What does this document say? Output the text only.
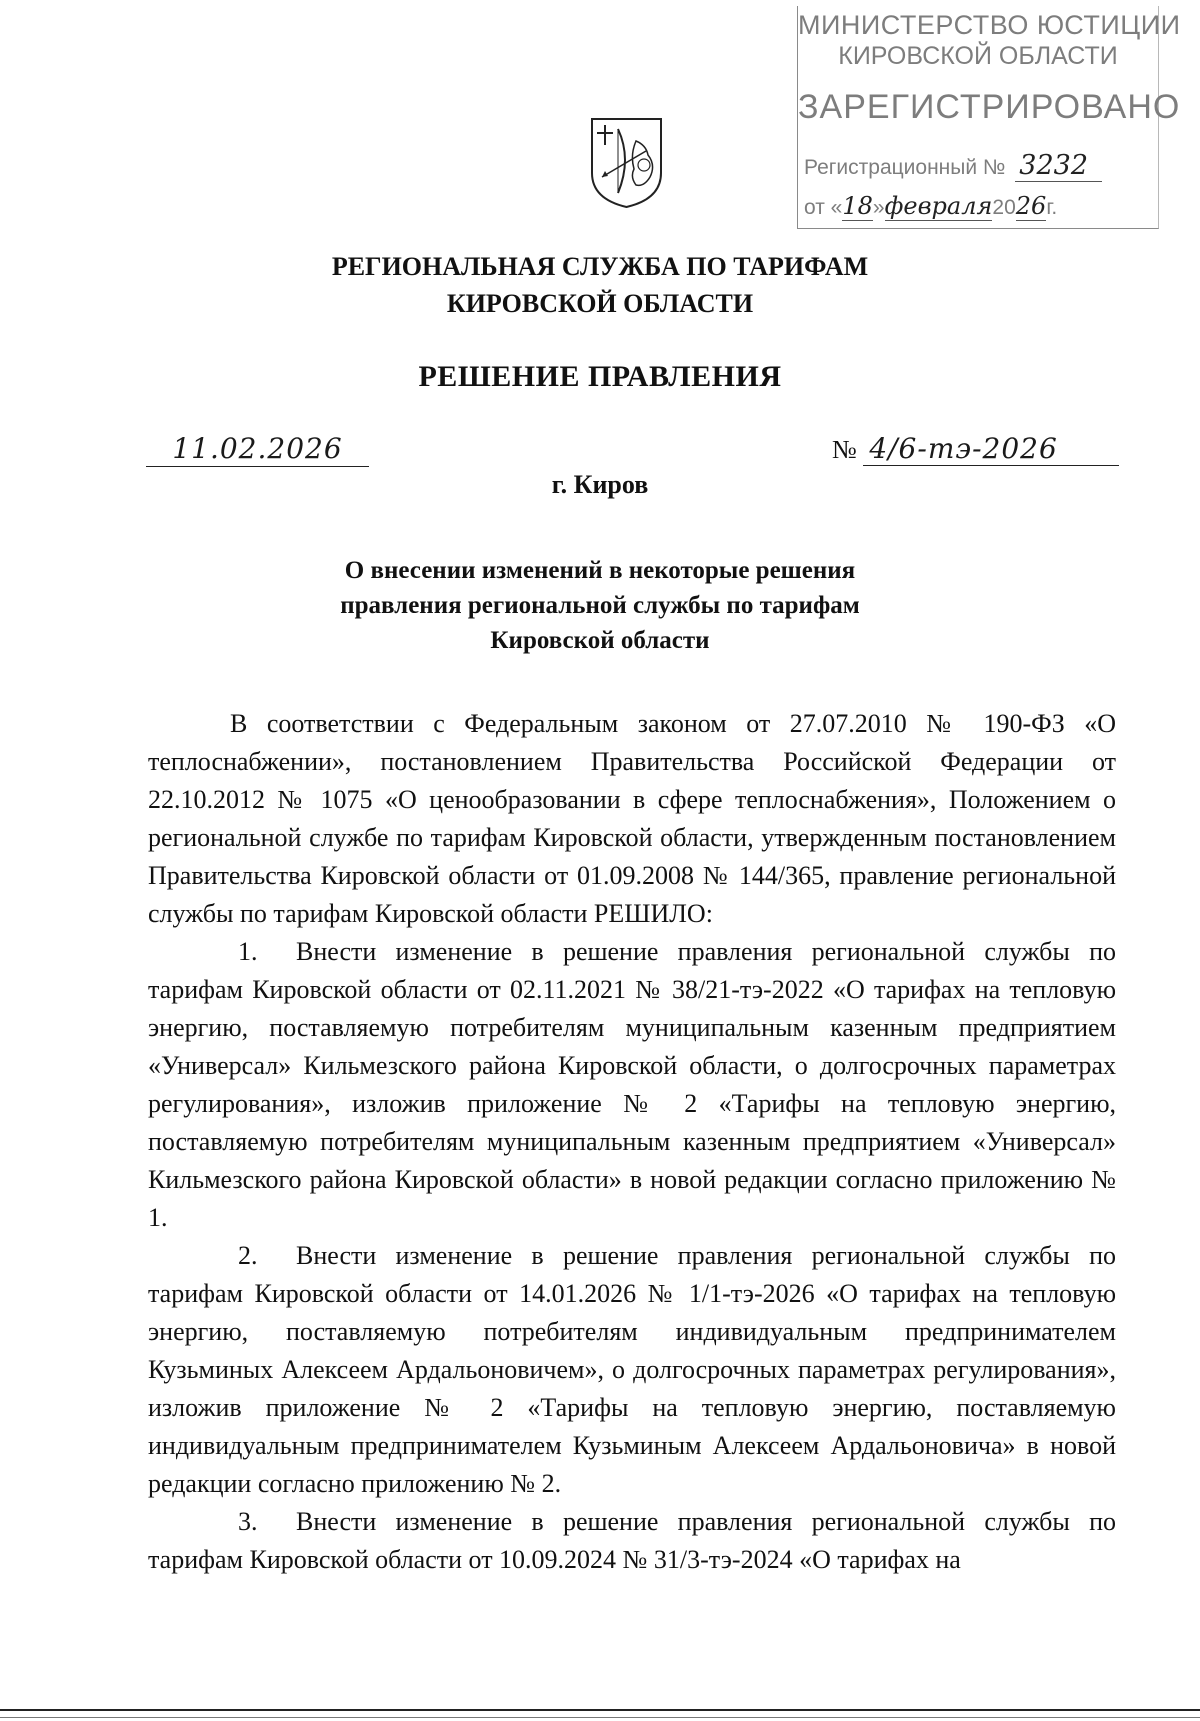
МИНИСТЕРСТВО ЮСТИЦИИ
КИРОВСКОЙ ОБЛАСТИ
ЗАРЕГИСТРИРОВАНО
Регистрационный № 3232
от «18»февраля2026г.
РЕГИОНАЛЬНАЯ СЛУЖБА ПО ТАРИФАМ
КИРОВСКОЙ ОБЛАСТИ
РЕШЕНИЕ ПРАВЛЕНИЯ
11.02.2026	№ 4/6-тэ-2026
г. Киров
О внесении изменений в некоторые решения
правления региональной службы по тарифам
Кировской области

В соответствии с Федеральным законом от 27.07.2010 № 190-ФЗ «О теплоснабжении», постановлением Правительства Российской Федерации от 22.10.2012 № 1075 «О ценообразовании в сфере теплоснабжения», Положением о региональной службе по тарифам Кировской области, утвержденным постановлением Правительства Кировской области от 01.09.2008 № 144/365, правление региональной службы по тарифам Кировской области РЕШИЛО:

1. Внести изменение в решение правления региональной службы по тарифам Кировской области от 02.11.2021 № 38/21-тэ-2022 «О тарифах на тепловую энергию, поставляемую потребителям муниципальным казенным предприятием «Универсал» Кильмезского района Кировской области, о долгосрочных параметрах регулирования», изложив приложение № 2 «Тарифы на тепловую энергию, поставляемую потребителям муниципальным казенным предприятием «Универсал» Кильмезского района Кировской области» в новой редакции согласно приложению № 1.

2. Внести изменение в решение правления региональной службы по тарифам Кировской области от 14.01.2026 № 1/1-тэ-2026 «О тарифах на тепловую энергию, поставляемую потребителям индивидуальным предпринимателем Кузьминых Алексеем Ардальоновичем», о долгосрочных параметрах регулирования», изложив приложение № 2 «Тарифы на тепловую энергию, поставляемую индивидуальным предпринимателем Кузьминым Алексеем Ардальоновича» в новой редакции согласно приложению № 2.

3. Внести изменение в решение правления региональной службы по тарифам Кировской области от 10.09.2024 № 31/3-тэ-2024 «О тарифах на
